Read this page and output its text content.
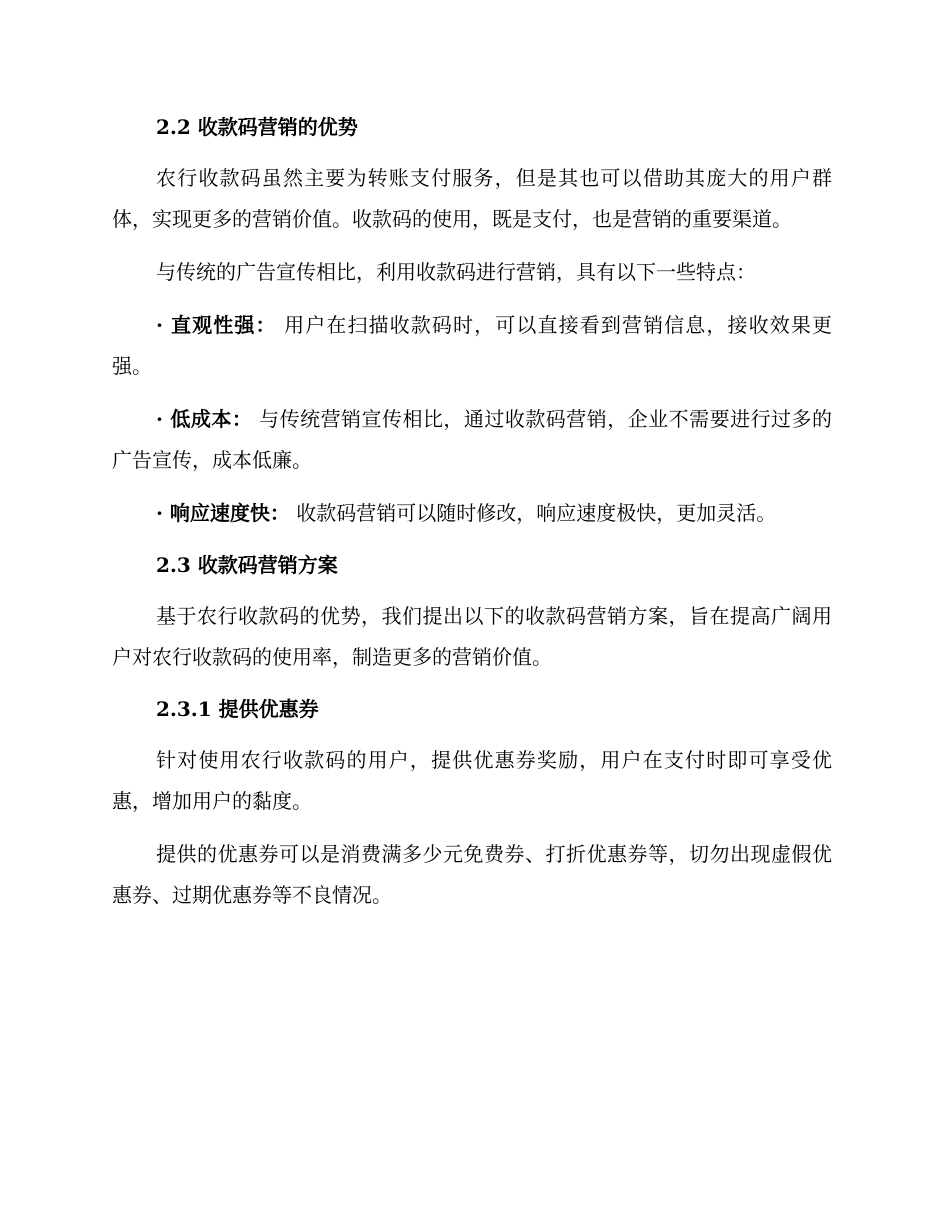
2.2 收款码营销的优势

农行收款码虽然主要为转账支付服务，但是其也可以借助其庞大的用户群体，实现更多的营销价值。收款码的使用，既是支付，也是营销的重要渠道。

与传统的广告宣传相比，利用收款码进行营销，具有以下一些特点：

· 直观性强： 用户在扫描收款码时，可以直接看到营销信息，接收效果更强。

· 低成本： 与传统营销宣传相比，通过收款码营销，企业不需要进行过多的广告宣传，成本低廉。

· 响应速度快： 收款码营销可以随时修改，响应速度极快，更加灵活。

2.3 收款码营销方案

基于农行收款码的优势，我们提出以下的收款码营销方案，旨在提高广阔用户对农行收款码的使用率，制造更多的营销价值。

2.3.1 提供优惠券

针对使用农行收款码的用户，提供优惠券奖励，用户在支付时即可享受优惠，增加用户的黏度。

提供的优惠券可以是消费满多少元免费券、打折优惠券等，切勿出现虚假优惠券、过期优惠券等不良情况。
